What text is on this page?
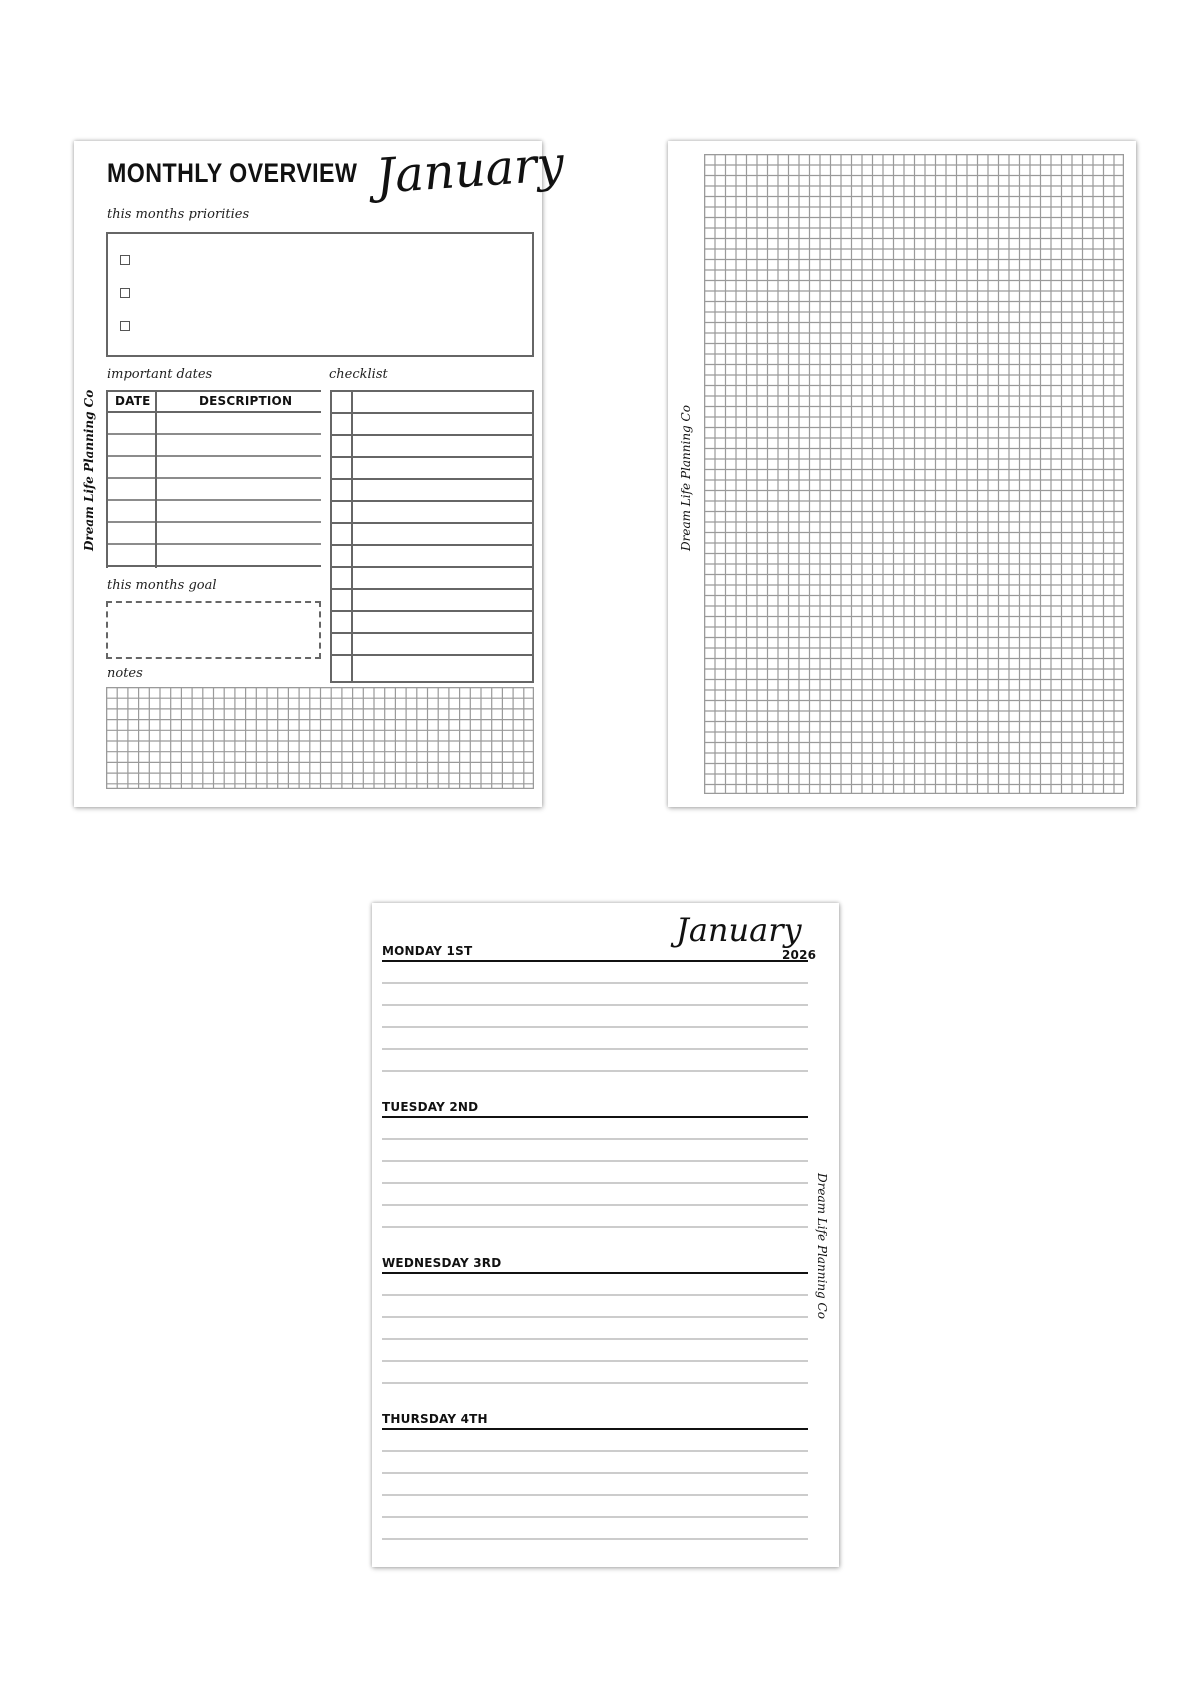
MONTHLY OVERVIEW January
this months priorities
important dates	checklist
DATE	DESCRIPTION
this months goal
notes
Dream Life Planning Co	Dream Life Planning Co
January
2026
MONDAY 1ST
TUESDAY 2ND
WEDNESDAY 3RD
THURSDAY 4TH
Dream Life Planning Co
